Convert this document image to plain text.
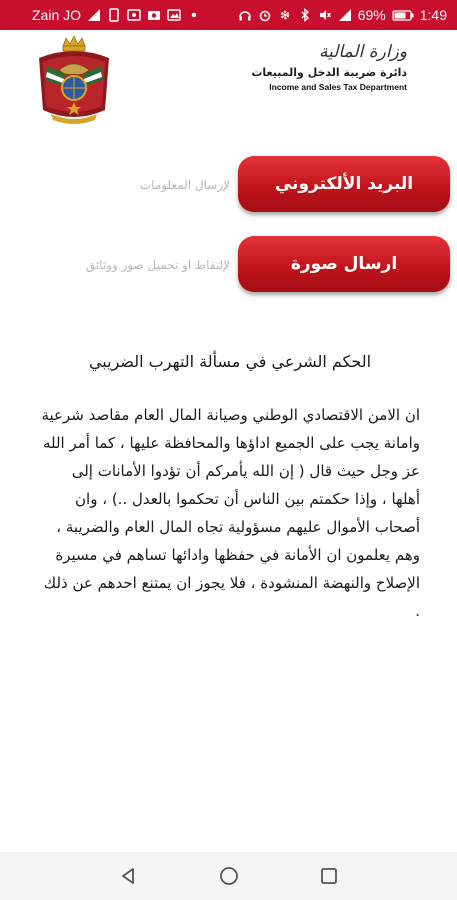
Zain JO	69% 1:49
وزارة المالية
دائرة ضريبة الدخل والمبيعات
Income and Sales Tax Department
البريد الألكتروني
لإرسال المعلومات
ارسال صورة
لإلتقاط او تحميل صور ووثائق
الحكم الشرعي في مسألة التهرب الضريبي
ان الامن الاقتصادي الوطني وصيانة المال العام مقاصد شرعية وامانة يجب على الجميع اداؤها والمحافظة عليها ، كما أمر الله عز وجل حيث قال ( إن الله يأمركم أن تؤدوا الأمانات إلى أهلها ، وإذا حكمتم بين الناس أن تحكموا بالعدل ..) ، وان أصحاب الأموال عليهم مسؤولية تجاه المال العام والضريبة ، وهم يعلمون ان الأمانة في حفظها وادائها تساهم في مسيرة الإصلاح والنهضة المنشودة ، فلا يجوز ان يمتنع احدهم عن ذلك .
